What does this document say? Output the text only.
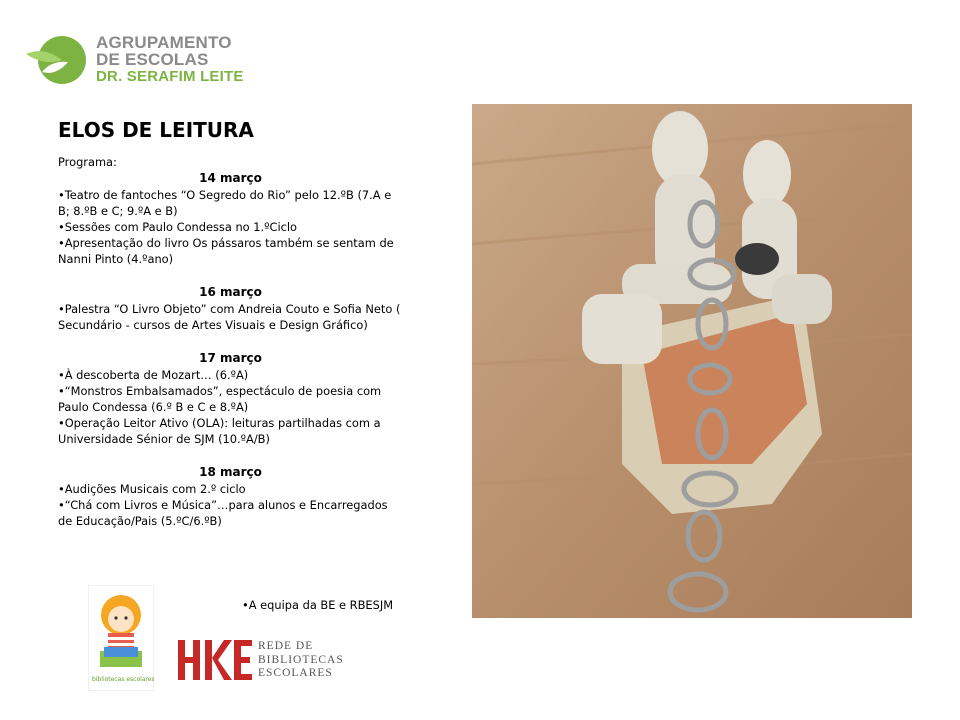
AGRUPAMENTO
DE ESCOLAS
DR. SERAFIM LEITE
ELOS DE LEITURA

Programa:

14 março

• Teatro de fantoches “O Segredo do Rio” pelo 12.ºB (7.A e B; 8.ºB e C; 9.ºA e B)

• Sessões com Paulo Condessa no 1.ºCiclo

• Apresentação do livro Os pássaros também se sentam de Nanni Pinto (4.ºano)

16 março

• Palestra “O Livro Objeto” com Andreia Couto e Sofia Neto ( Secundário - cursos de Artes Visuais e Design Gráfico)

17 março

• À descoberta de Mozart… (6.ºA)

• “Monstros Embalsamados”, espectáculo de poesia com Paulo Condessa (6.º B e C e 8.ºA)

• Operação Leitor Ativo (OLA): leituras partilhadas com a Universidade Sénior de SJM (10.ºA/B)

18 março

• Audições Musicais com 2.º ciclo

• “Chá com Livros e Música”…para alunos e Encarregados de Educação/Pais (5.ºC/6.ºB)

•A equipa da BE e RBESJM
bibliotecas escolares
REDE DE
BIBLIOTECAS
ESCOLARES
